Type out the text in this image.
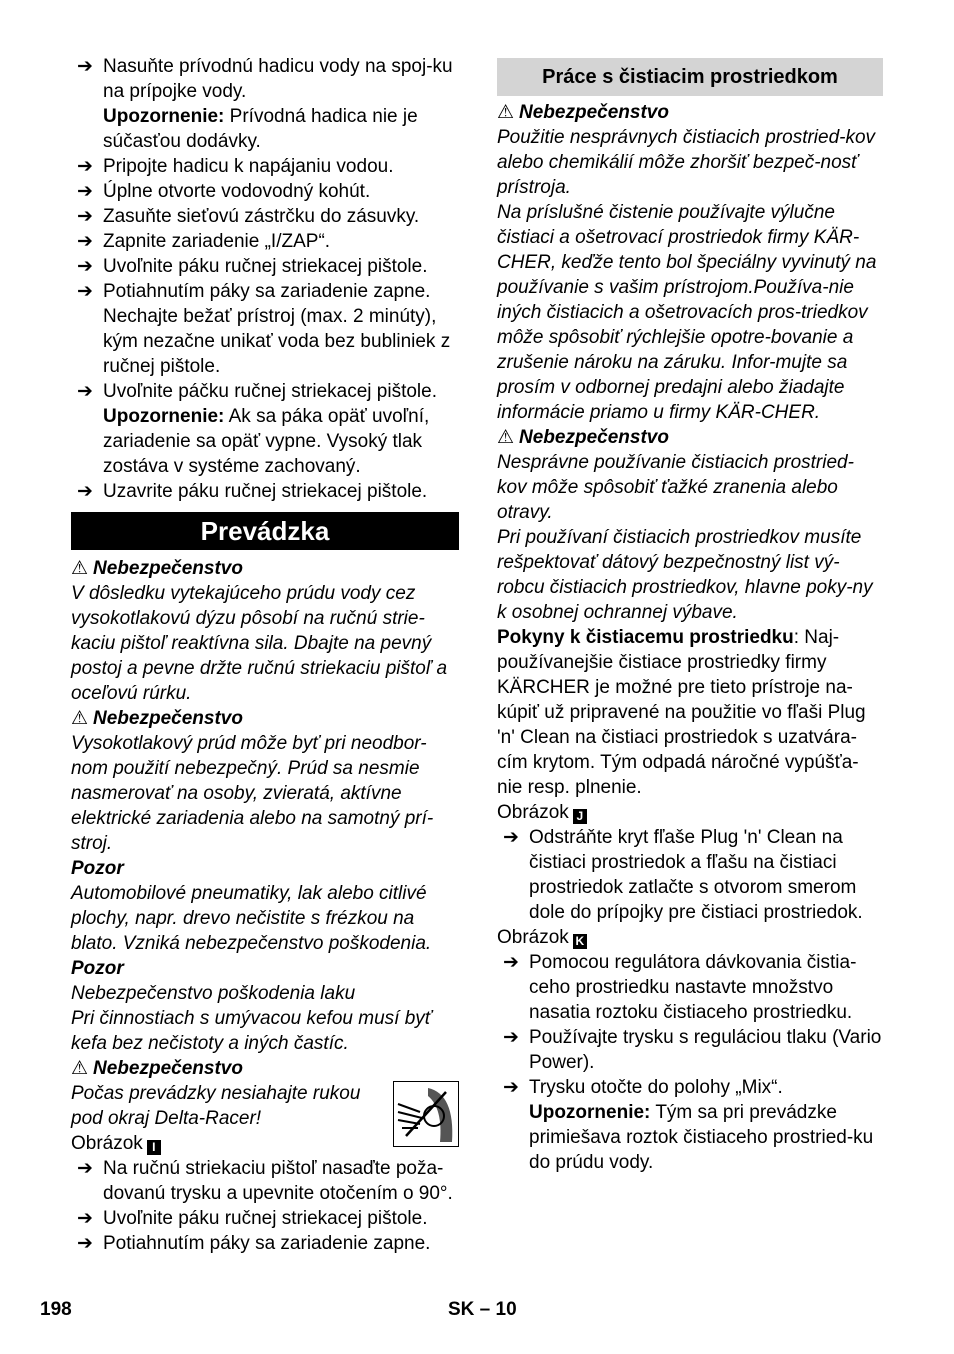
➔ Nasuňte prívodnú hadicu vody na spoj-ku na prípojke vody.

Upozornenie: Prívodná hadica nie je súčasťou dodávky.

➔ Pripojte hadicu k napájaniu vodou.

➔ Úplne otvorte vodovodný kohút.

➔ Zasuňte sieťovú zástrčku do zásuvky.

➔ Zapnite zariadenie „I/ZAP“.

➔ Uvoľnite páku ručnej striekacej pištole.

➔ Potiahnutím páky sa zariadenie zapne. Nechajte bežať prístroj (max. 2 minúty), kým nezačne unikať voda bez bubliniek z ručnej pištole.

➔ Uvoľnite páčku ručnej striekacej pištole.

Upozornenie: Ak sa páka opäť uvoľní, zariadenie sa opäť vypne. Vysoký tlak zostáva v systéme zachovaný.

➔ Uzavrite páku ručnej striekacej pištole.

Prevádzka

⚠ Nebezpečenstvo

V dôsledku vytekajúceho prúdu vody cez vysokotlakovú dýzu pôsobí na ručnú strie-kaciu pištoľ reaktívna sila. Dbajte na pevný postoj a pevne držte ručnú striekaciu pištoľ a oceľovú rúrku.

⚠ Nebezpečenstvo

Vysokotlakový prúd môže byť pri neodbor-nom použití nebezpečný. Prúd sa nesmie nasmerovať na osoby, zvieratá, aktívne elektrické zariadenia alebo na samotný prí-stroj.

Pozor

Automobilové pneumatiky, lak alebo citlivé plochy, napr. drevo nečistite s frézkou na blato. Vzniká nebezpečenstvo poškodenia.

Pozor

Nebezpečenstvo poškodenia laku
Pri činnostiach s umývacou kefou musí byť kefa bez nečistoty a iných častíc.

⚠ Nebezpečenstvo

Počas prevádzky nesiahajte rukou pod okraj Delta-Racer!

Obrázok I

➔ Na ručnú striekaciu pištoľ nasaďte poža-dovanú trysku a upevnite otočením o 90°.

➔ Uvoľnite páku ručnej striekacej pištole.

➔ Potiahnutím páky sa zariadenie zapne.

Práce s čistiacim prostriedkom

⚠ Nebezpečenstvo

Použitie nesprávnych čistiacich prostried-kov alebo chemikálií môže zhoršiť bezpeč-nosť prístroja.
Na príslušné čistenie používajte výlučne čistiaci a ošetrovací prostriedok firmy KÄR-CHER, keďže tento bol špeciálny vyvinutý na používanie s vašim prístrojom.Používa-nie iných čistiacich a ošetrovacích pros-triedkov môže spôsobiť rýchlejšie opotre-bovanie a zrušenie nároku na záruku. Infor-mujte sa prosím v odbornej predajni alebo žiadajte informácie priamo u firmy KÄR-CHER.

⚠ Nebezpečenstvo

Nesprávne používanie čistiacich prostried-kov môže spôsobiť ťažké zranenia alebo otravy.
Pri používaní čistiacich prostriedkov musíte rešpektovať dátový bezpečnostný list vý-robcu čistiacich prostriedkov, hlavne poky-ny k osobnej ochrannej výbave.

Pokyny k čistiacemu prostriedku: Naj-používanejšie čistiace prostriedky firmy KÄRCHER je možné pre tieto prístroje na-kúpiť už pripravené na použitie vo fľaši Plug 'n' Clean na čistiaci prostriedok s uzatvára-cím krytom. Tým odpadá náročné vypúšťa-nie resp. plnenie.

Obrázok J

➔ Odstráňte kryt fľaše Plug 'n' Clean na čistiaci prostriedok a fľašu na čistiaci prostriedok zatlačte s otvorom smerom dole do prípojky pre čistiaci prostriedok.

Obrázok K

➔ Pomocou regulátora dávkovania čistia-ceho prostriedku nastavte množstvo nasatia roztoku čistiaceho prostriedku.

➔ Používajte trysku s reguláciou tlaku (Vario Power).

➔ Trysku otočte do polohy „Mix“.

Upozornenie: Tým sa pri prevádzke primiešava roztok čistiaceho prostried-ku do prúdu vody.

198	SK – 10
